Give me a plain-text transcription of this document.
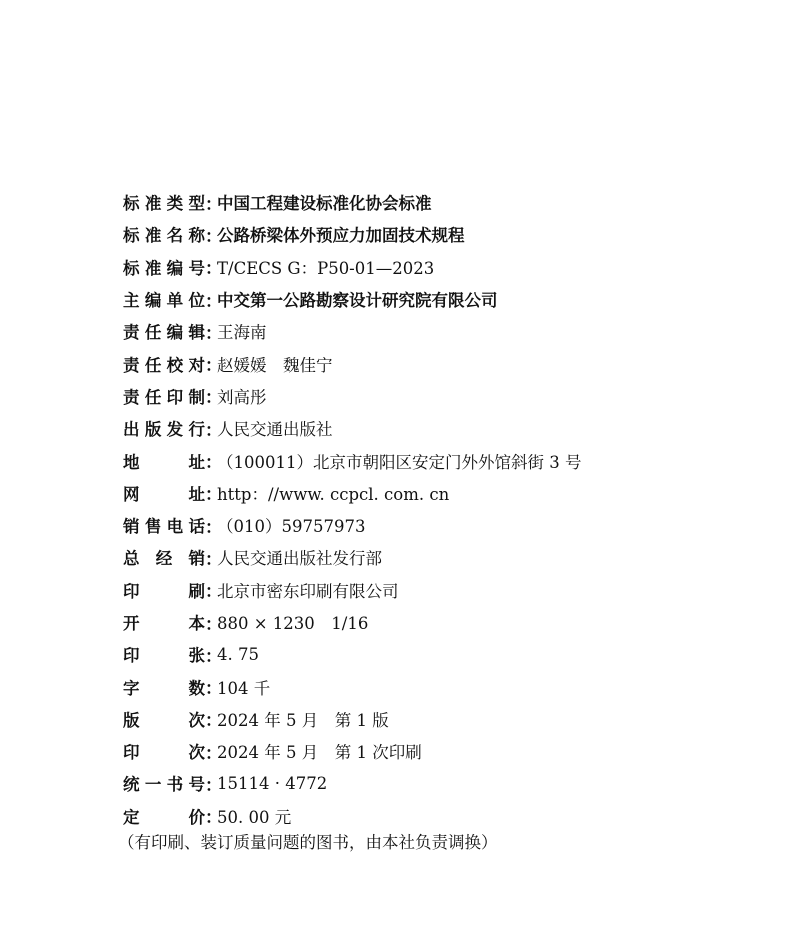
标 准 类 型 ：
中国工程建设标准化协会标准
标 准 名 称 ：
公路桥梁体外预应力加固技术规程
标 准 编 号 ：
T/CECS G：P50-01—2023
主 编 单 位 ：
中交第一公路勘察设计研究院有限公司
责 任 编 辑 ：
王海南
责 任 校 对 ：
赵媛媛　魏佳宁
责 任 印 制 ：
刘高彤
出 版 发 行 ：
人民交通出版社
地	址 ：
（100011）北京市朝阳区安定门外外馆斜街 3 号
网	址 ：
http：//www. ccpcl. com. cn
销 售 电 话 ：
（010）59757973
总 经 销 ：
人民交通出版社发行部
印	刷 ：
北京市密东印刷有限公司
开	本 ：
880 × 1230　1/16
印	张 ：
4. 75
字	数 ：
104 千
版	次 ：
2024 年 5 月　第 1 版
印	次 ：
2024 年 5 月　第 1 次印刷
统 一 书 号 ：
15114 · 4772
定	价 ：
50. 00 元
（有印刷、装订质量问题的图书，由本社负责调换）
